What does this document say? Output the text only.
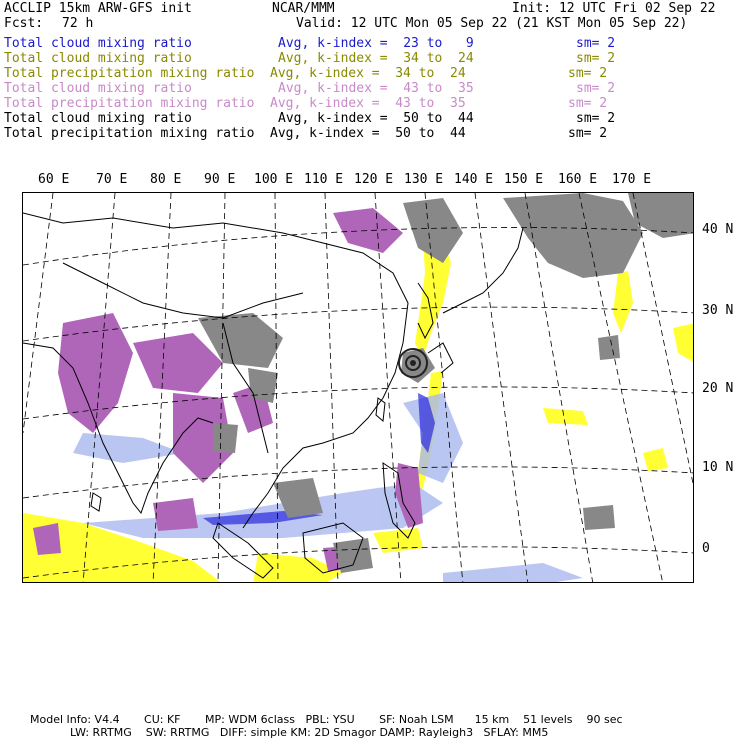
ACCLIP 15km ARW-GFS init	NCAR/MMM	Init: 12 UTC Fri 02 Sep 22
Fcst: 72 h	Valid: 12 UTC Mon 05 Sep 22 (21 KST Mon 05 Sep 22)
Total cloud mixing ratio	Avg, k-index =  23 to   9	sm= 2
Total cloud mixing ratio	Avg, k-index =  34 to  24	sm= 2
Total precipitation mixing ratio Avg, k-index =  34 to  24	sm= 2
Total cloud mixing ratio	Avg, k-index =  43 to  35	sm= 2
Total precipitation mixing ratio Avg, k-index =  43 to  35	sm= 2
Total cloud mixing ratio	Avg, k-index =  50 to  44	sm= 2
Total precipitation mixing ratio Avg, k-index =  50 to  44	sm= 2
60 E 70 E 80 E 90 E 100 E 110 E 120 E 130 E 140 E 150 E 160 E 170 E
40 N
30 N
20 N
10 N
0
Model Info: V4.4       CU: KF       MP: WDM 6class   PBL: YSU       SF: Noah LSM      15 km    51 levels    90 sec
LW: RRTMG    SW: RRTMG   DIFF: simple KM: 2D Smagor DAMP: Rayleigh3   SFLAY: MM5
